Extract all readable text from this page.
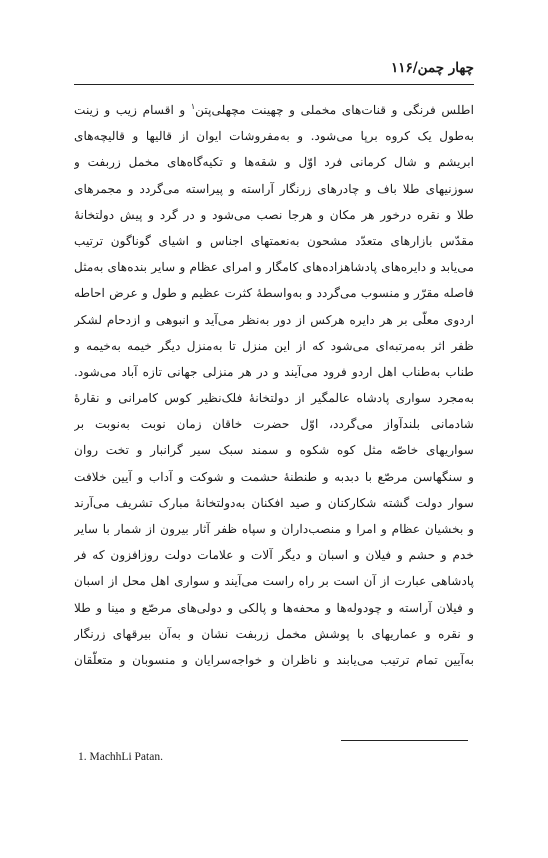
چهار چمن/۱۱۶
اطلس فرنگی و قنات‌های مخملی و چهینت مچهلی‌پتن$^۱$ و اقسام زیب و زینت
به‌طول یک کروه برپا می‌شود. و به‌مفروشات ایوان از قالیها و قالیچه‌های
ابریشم و شال کرمانی فرد اوّل و شقه‌ها و تکیه‌گاه‌های مخمل زربفت و
سوزنیهای طلا باف و چادرهای زرنگار آراسته و پیراسته می‌گردد و مجمرهای
طلا و نقره درخور هر مکان و هرجا نصب می‌شود و در گرد و پیش دولتخانهٔ
مقدّس بازارهای متعدّد مشحون به‌نعمتهای اجناس و اشیای گوناگون ترتیب
می‌یابد و دایره‌های پادشاهزاده‌های کامگار و امرای عظام و سایر بنده‌های به‌مثل
فاصله مقرّر و منسوب می‌گردد و به‌واسطهٔ کثرت عظیم و طول و عرض احاطه
اردوی معلّی بر هر دایره هرکس از دور به‌نظر می‌آید و انبوهی و ازدحام لشکر
ظفر اثر به‌مرتبه‌ای می‌شود که از این منزل تا به‌منزل دیگر خیمه به‌خیمه و
طناب به‌طناب اهل اردو فرود می‌آیند و در هر منزلی جهانی تازه آباد می‌شود.
به‌مجرد سواری پادشاه عالمگیر از دولتخانهٔ فلک‌نظیر کوس کامرانی و نقارهٔ
شادمانی بلندآواز می‌گردد، اوّل حضرت خاقان زمان نوبت به‌نوبت بر
سواریهای خاصّه مثل کوه شکوه و سمند سبک سیر گرانبار و تخت روان
و سنگهاسن مرصّع با دبدبه و طنطنهٔ حشمت و شوکت و آداب و آیین خلافت
سوار دولت گشته شکارکنان و صید افکنان به‌دولتخانهٔ مبارک تشریف می‌آرند
و بخشیان عظام و امرا و منصب‌داران و سپاه ظفر آثار بیرون از شمار با سایر
خدم و حشم و فیلان و اسبان و دیگر آلات و علامات دولت روزافزون که فر
پادشاهی عبارت از آن است بر راه راست می‌آیند و سواری اهل محل از اسبان
و فیلان آراسته و چودوله‌ها و محفه‌ها و پالکی و دولی‌های مرصّع و مینا و طلا
و نقره و عماریهای با پوشش مخمل زربفت نشان و به‌آن بیرقهای زرنگار
به‌آیین تمام ترتیب می‌یابند و ناظران و خواجه‌سرایان و منسوبان و متعلّقان
1. MachhLi Patan.
